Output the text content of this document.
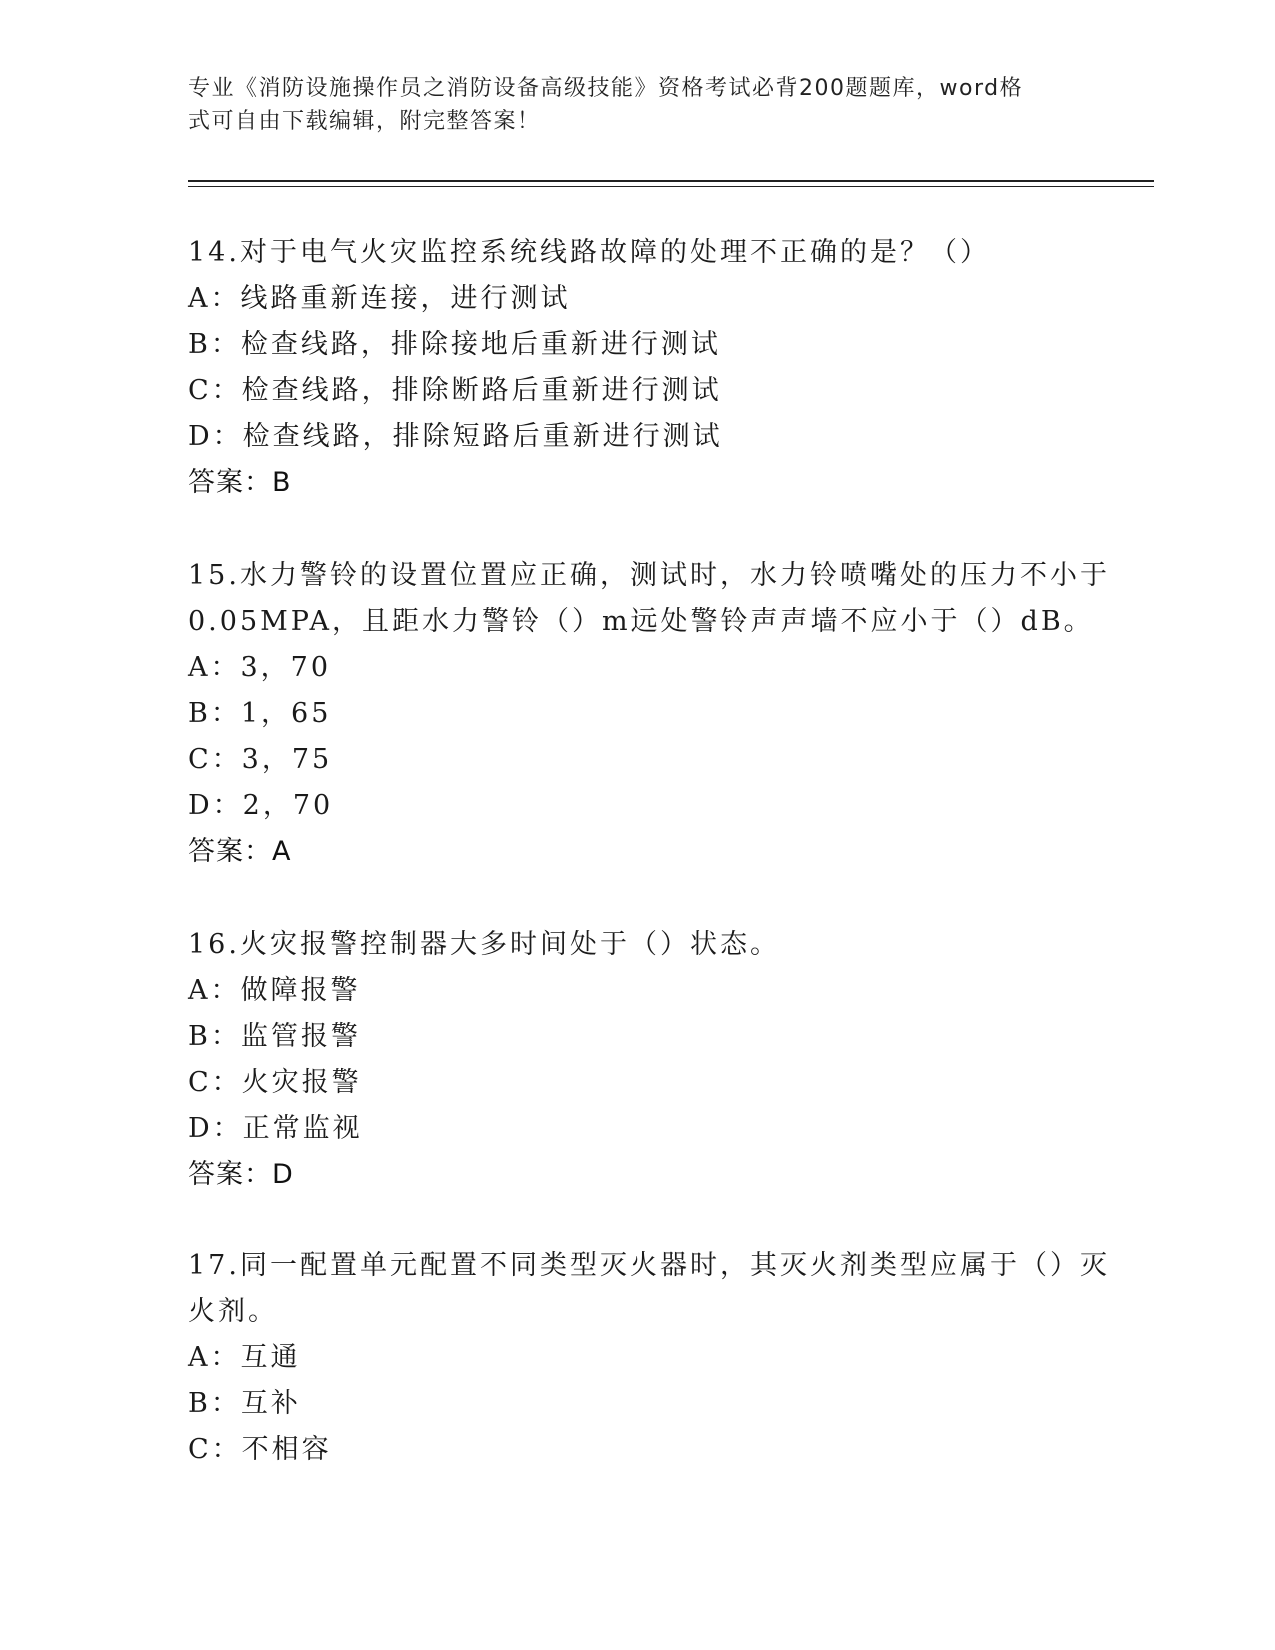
专业《消防设施操作员之消防设备高级技能》资格考试必背200题题库，word格
式可自由下载编辑，附完整答案！
14.对于电气火灾监控系统线路故障的处理不正确的是？（）
A：线路重新连接，进行测试
B：检查线路，排除接地后重新进行测试
C：检查线路，排除断路后重新进行测试
D：检查线路，排除短路后重新进行测试
答案：B
15.水力警铃的设置位置应正确，测试时，水力铃喷嘴处的压力不小于
0.05MPA，且距水力警铃（）m远处警铃声声墙不应小于（）dB。
A：3，70
B：1，65
C：3，75
D：2，70
答案：A
16.火灾报警控制器大多时间处于（）状态。
A：做障报警
B：监管报警
C：火灾报警
D：正常监视
答案：D
17.同一配置单元配置不同类型灭火器时，其灭火剂类型应属于（）灭
火剂。
A：互通
B：互补
C：不相容
